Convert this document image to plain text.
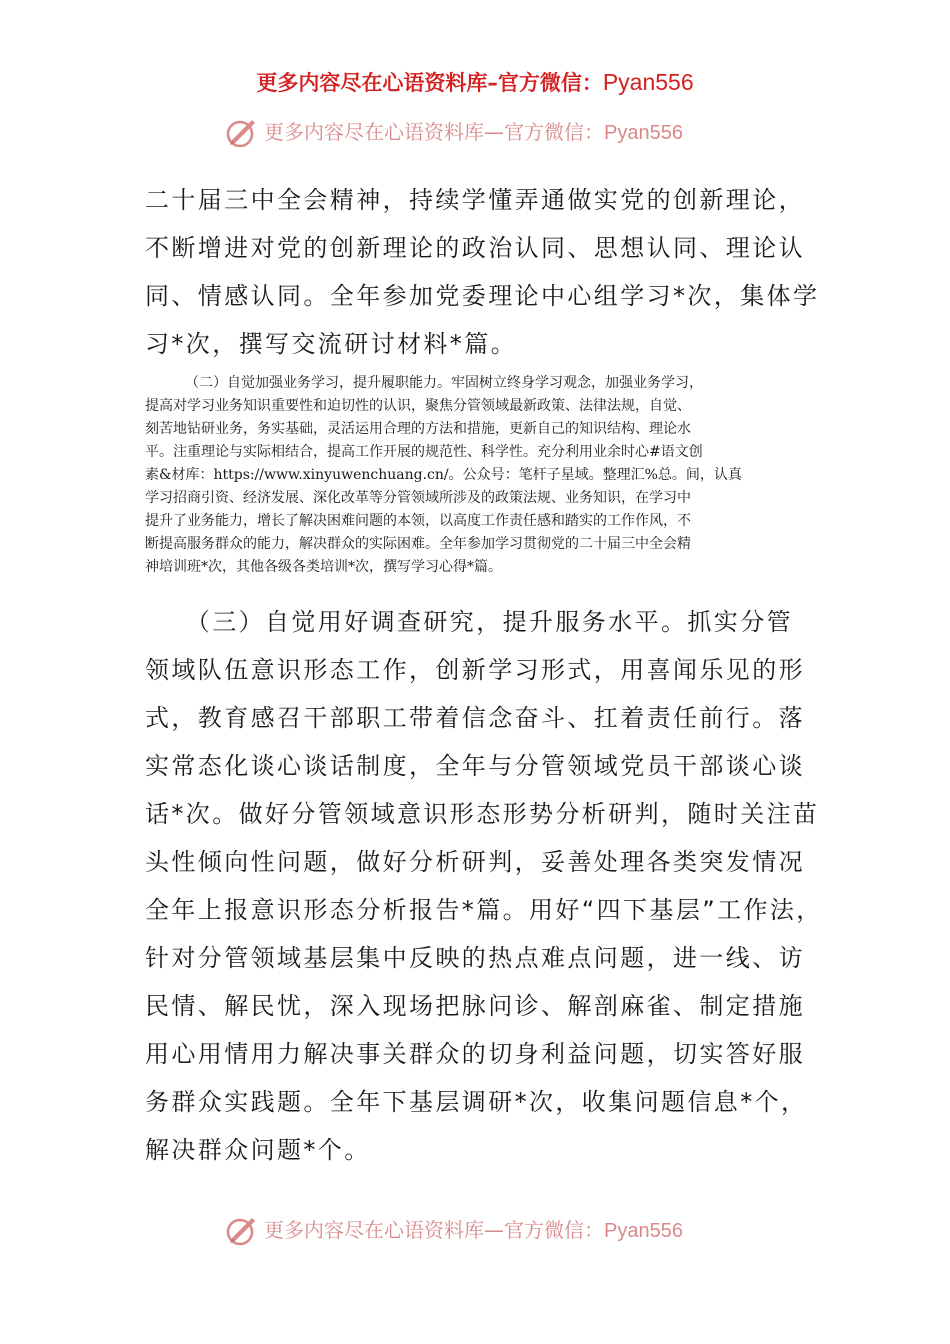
更多内容尽在心语资料库–官方微信：Pyan556
更多内容尽在心语资料库—官方微信：Pyan556
二十届三中全会精神，持续学懂弄通做实党的创新理论，
不断增进对党的创新理论的政治认同、思想认同、理论认
同、情感认同。全年参加党委理论中心组学习*次，集体学
习*次，撰写交流研讨材料*篇。
（二）自觉加强业务学习，提升履职能力。牢固树立终身学习观念，加强业务学习，
提高对学习业务知识重要性和迫切性的认识，聚焦分管领域最新政策、法律法规，自觉、
刻苦地钻研业务，务实基础，灵活运用合理的方法和措施，更新自己的知识结构、理论水
平。注重理论与实际相结合，提高工作开展的规范性、科学性。充分利用业余时心#语文创
素&材库：https://www.xinyuwenchuang.cn/。公众号：笔杆子星域。整理汇%总。间，认真
学习招商引资、经济发展、深化改革等分管领域所涉及的政策法规、业务知识，在学习中
提升了业务能力，增长了解决困难问题的本领，以高度工作责任感和踏实的工作作风，不
断提高服务群众的能力，解决群众的实际困难。全年参加学习贯彻党的二十届三中全会精
神培训班*次，其他各级各类培训*次，撰写学习心得*篇。
　　（三）自觉用好调查研究，提升服务水平。抓实分管
领域队伍意识形态工作，创新学习形式，用喜闻乐见的形
式，教育感召干部职工带着信念奋斗、扛着责任前行。落
实常态化谈心谈话制度，全年与分管领域党员干部谈心谈
话*次。做好分管领域意识形态形势分析研判，随时关注苗
头性倾向性问题，做好分析研判，妥善处理各类突发情况
全年上报意识形态分析报告*篇。用好“四下基层”工作法，
针对分管领域基层集中反映的热点难点问题，进一线、访
民情、解民忧，深入现场把脉问诊、解剖麻雀、制定措施
用心用情用力解决事关群众的切身利益问题，切实答好服
务群众实践题。全年下基层调研*次，收集问题信息*个，
解决群众问题*个。
更多内容尽在心语资料库—官方微信：Pyan556
